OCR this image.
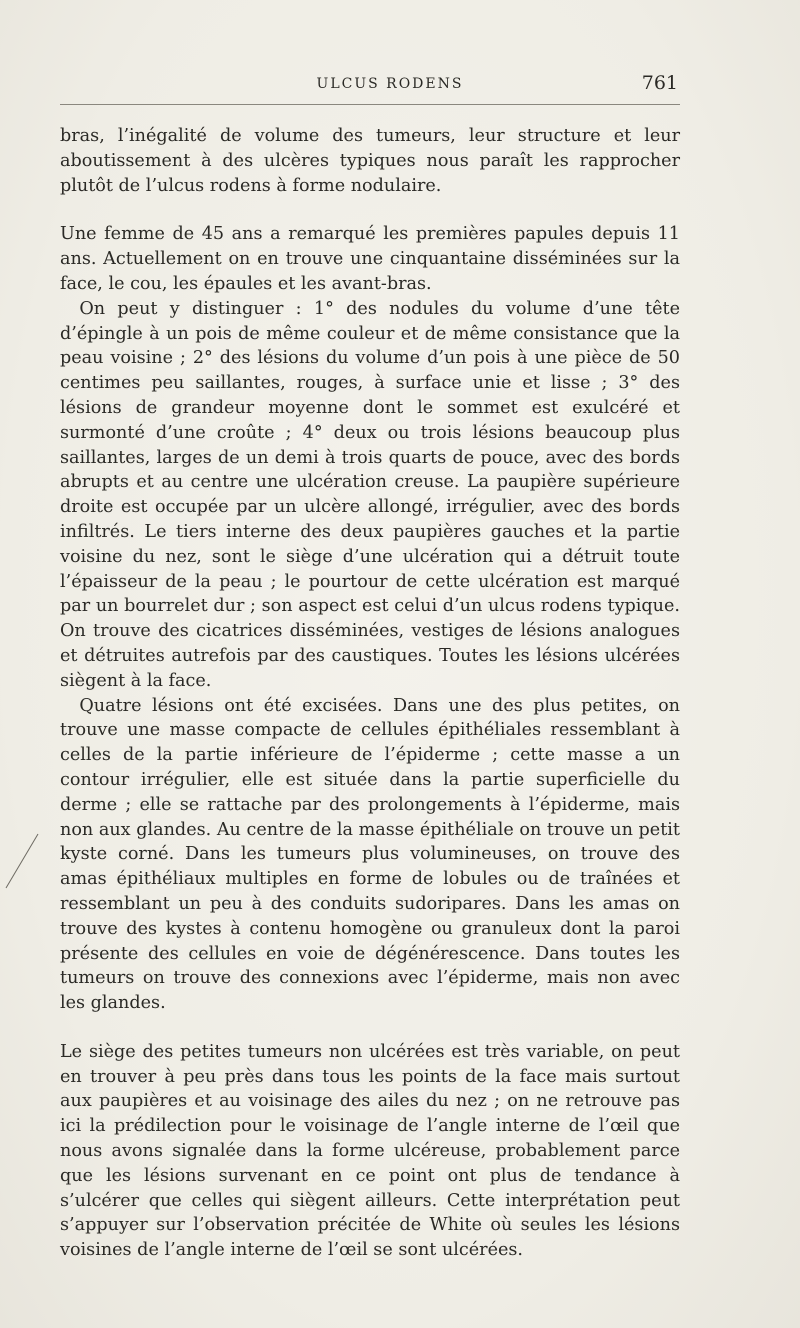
ULCUS RODENS	761

bras, l’inégalité de volume des tumeurs, leur structure et leur aboutissement à des ulcères typiques nous paraît les rapprocher plutôt de l’ulcus rodens à forme nodulaire.

Une femme de 45 ans a remarqué les premières papules depuis 11 ans. Actuellement on en trouve une cinquantaine disséminées sur la face, le cou, les épaules et les avant-bras.

On peut y distinguer : 1° des nodules du volume d’une tête d’épingle à un pois de même couleur et de même consistance que la peau voisine ; 2° des lésions du volume d’un pois à une pièce de 50 centimes peu saillantes, rouges, à surface unie et lisse ; 3° des lésions de grandeur moyenne dont le sommet est exulcéré et surmonté d’une croûte ; 4° deux ou trois lésions beaucoup plus saillantes, larges de un demi à trois quarts de pouce, avec des bords abrupts et au centre une ulcération creuse. La paupière supérieure droite est occupée par un ulcère allongé, irrégulier, avec des bords infiltrés. Le tiers interne des deux paupières gauches et la partie voisine du nez, sont le siège d’une ulcération qui a détruit toute l’épaisseur de la peau ; le pourtour de cette ulcération est marqué par un bourrelet dur ; son aspect est celui d’un ulcus rodens typique. On trouve des cicatrices disséminées, vestiges de lésions analogues et détruites autrefois par des caustiques. Toutes les lésions ulcérées siègent à la face.

Quatre lésions ont été excisées. Dans une des plus petites, on trouve une masse compacte de cellules épithéliales ressemblant à celles de la partie inférieure de l’épiderme ; cette masse a un contour irrégulier, elle est située dans la partie superficielle du derme ; elle se rattache par des prolongements à l’épiderme, mais non aux glandes. Au centre de la masse épithéliale on trouve un petit kyste corné. Dans les tumeurs plus volumineuses, on trouve des amas épithéliaux multiples en forme de lobules ou de traînées et ressemblant un peu à des conduits sudoripares. Dans les amas on trouve des kystes à contenu homogène ou granuleux dont la paroi présente des cellules en voie de dégénérescence. Dans toutes les tumeurs on trouve des connexions avec l’épiderme, mais non avec les glandes.

Le siège des petites tumeurs non ulcérées est très variable, on peut en trouver à peu près dans tous les points de la face mais surtout aux paupières et au voisinage des ailes du nez ; on ne retrouve pas ici la prédilection pour le voisinage de l’angle interne de l’œil que nous avons signalée dans la forme ulcéreuse, probablement parce que les lésions survenant en ce point ont plus de tendance à s’ulcérer que celles qui siègent ailleurs. Cette interprétation peut s’appuyer sur l’observation précitée de White où seules les lésions voisines de l’angle interne de l’œil se sont ulcérées.
